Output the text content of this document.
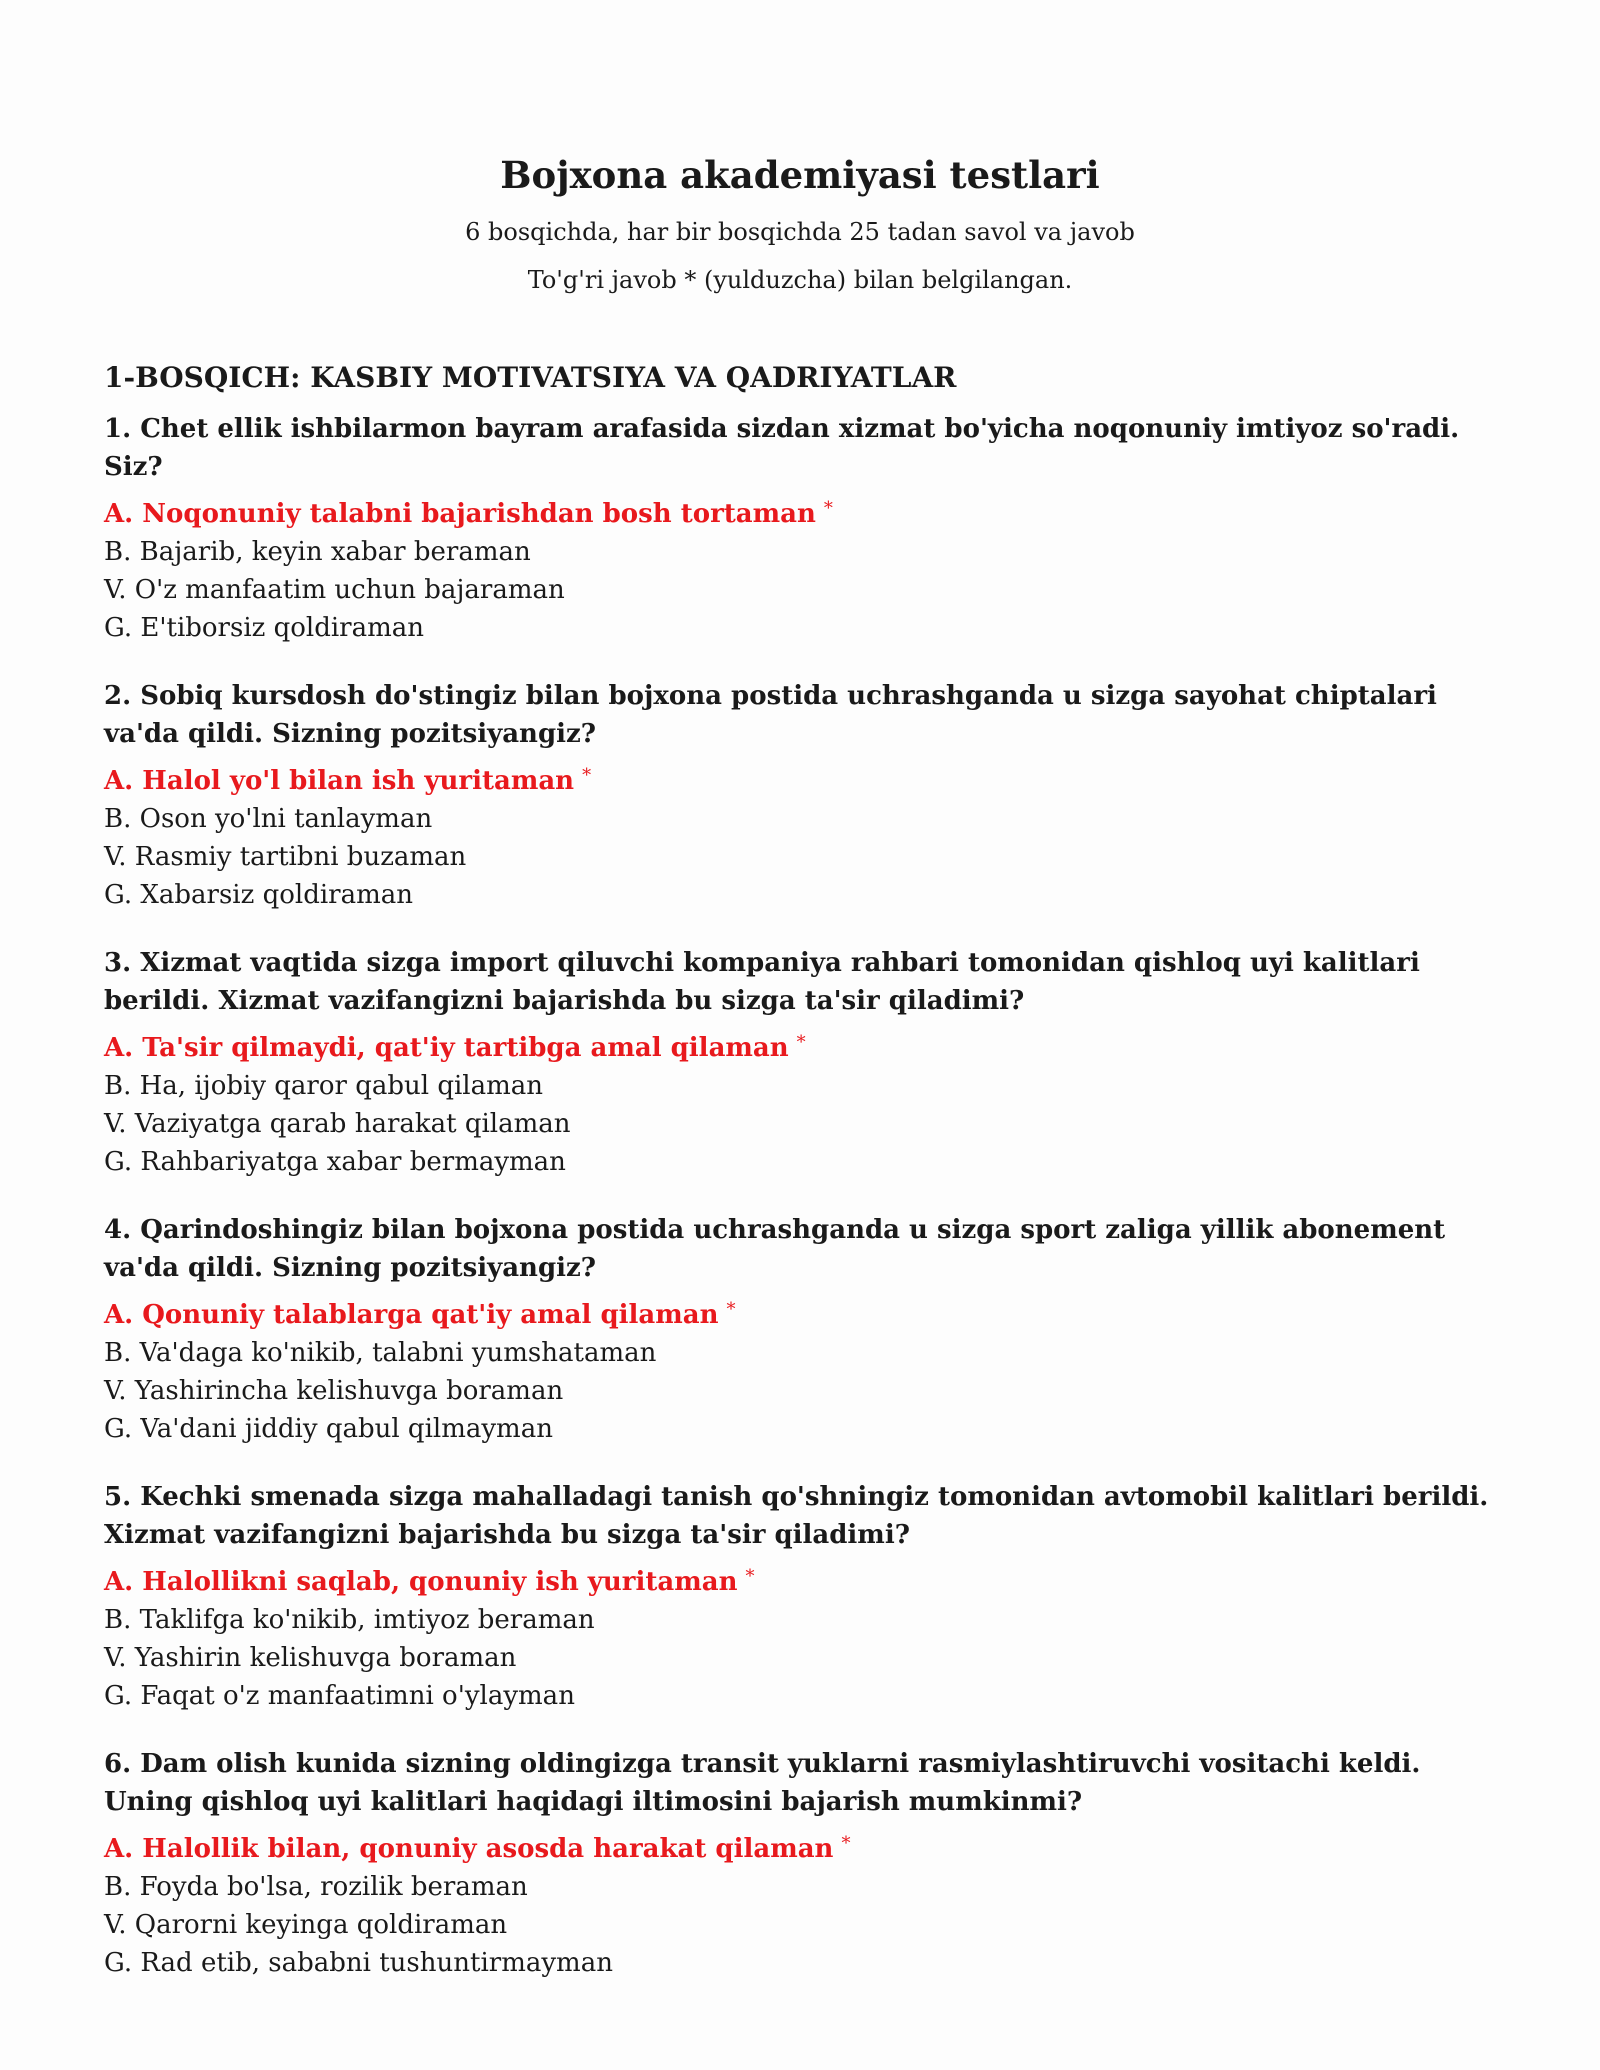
Bojxona akademiyasi testlari

6 bosqichda, har bir bosqichda 25 tadan savol va javob

To'g'ri javob * (yulduzcha) bilan belgilangan.

1-BOSQICH: KASBIY MOTIVATSIYA VA QADRIYATLAR

1. Chet ellik ishbilarmon bayram arafasida sizdan xizmat bo'yicha noqonuniy imtiyoz so'radi. Siz?

A. Noqonuniy talabni bajarishdan bosh tortaman *
B. Bajarib, keyin xabar beraman
V. O'z manfaatim uchun bajaraman
G. E'tiborsiz qoldiraman

2. Sobiq kursdosh do'stingiz bilan bojxona postida uchrashganda u sizga sayohat chiptalari va'da qildi. Sizning pozitsiyangiz?

A. Halol yo'l bilan ish yuritaman *
B. Oson yo'lni tanlayman
V. Rasmiy tartibni buzaman
G. Xabarsiz qoldiraman

3. Xizmat vaqtida sizga import qiluvchi kompaniya rahbari tomonidan qishloq uyi kalitlari berildi. Xizmat vazifangizni bajarishda bu sizga ta'sir qiladimi?

A. Ta'sir qilmaydi, qat'iy tartibga amal qilaman *
B. Ha, ijobiy qaror qabul qilaman
V. Vaziyatga qarab harakat qilaman
G. Rahbariyatga xabar bermayman

4. Qarindoshingiz bilan bojxona postida uchrashganda u sizga sport zaliga yillik abonement va'da qildi. Sizning pozitsiyangiz?

A. Qonuniy talablarga qat'iy amal qilaman *
B. Va'daga ko'nikib, talabni yumshataman
V. Yashirincha kelishuvga boraman
G. Va'dani jiddiy qabul qilmayman

5. Kechki smenada sizga mahalladagi tanish qo'shningiz tomonidan avtomobil kalitlari berildi. Xizmat vazifangizni bajarishda bu sizga ta'sir qiladimi?

A. Halollikni saqlab, qonuniy ish yuritaman *
B. Taklifga ko'nikib, imtiyoz beraman
V. Yashirin kelishuvga boraman
G. Faqat o'z manfaatimni o'ylayman

6. Dam olish kunida sizning oldingizga transit yuklarni rasmiylashtiruvchi vositachi keldi. Uning qishloq uyi kalitlari haqidagi iltimosini bajarish mumkinmi?

A. Halollik bilan, qonuniy asosda harakat qilaman *
B. Foyda bo'lsa, rozilik beraman
V. Qarorni keyinga qoldiraman
G. Rad etib, sababni tushuntirmayman
